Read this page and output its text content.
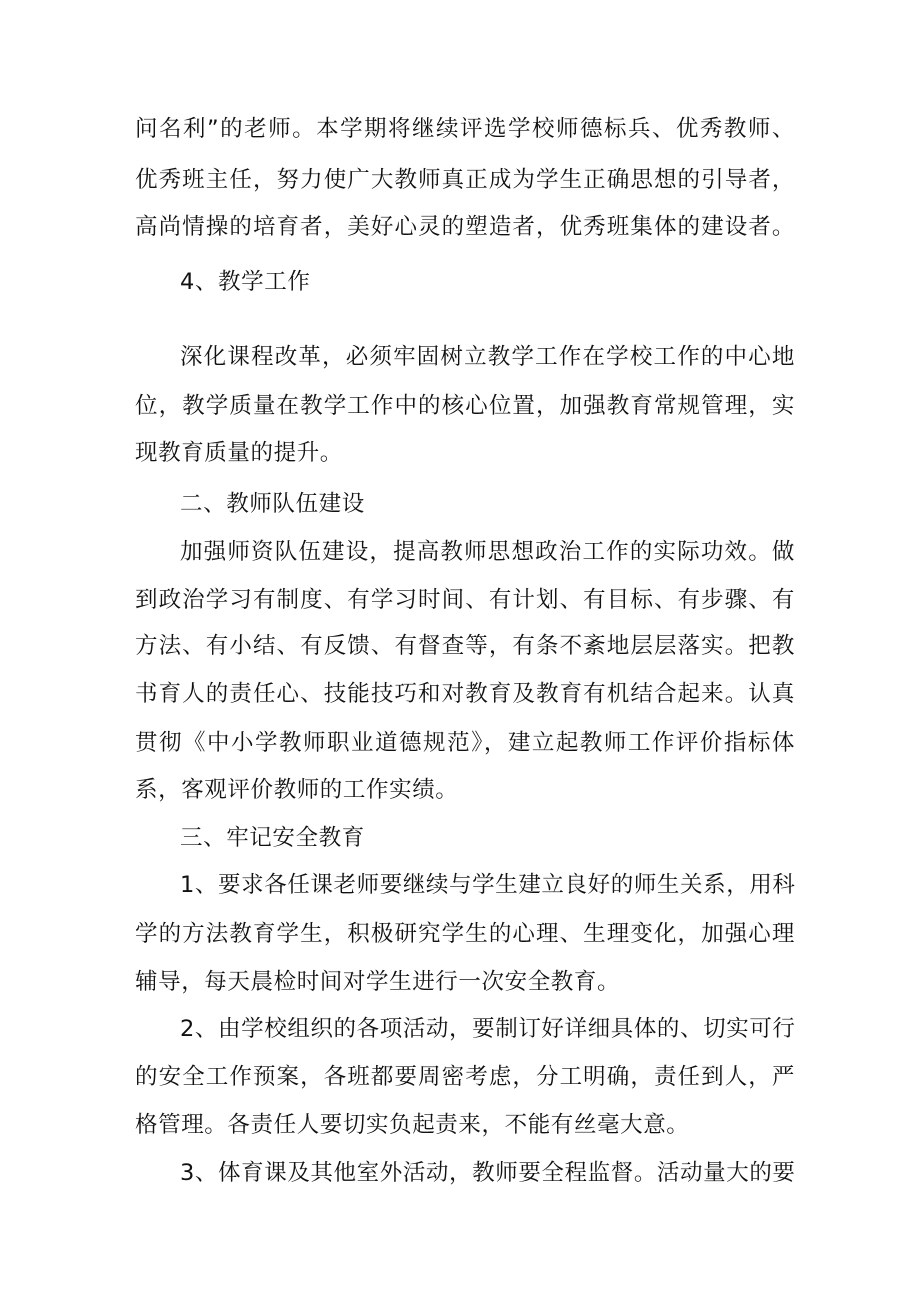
问名利”的老师。本学期将继续评选学校师德标兵、优秀教师、

优秀班主任，努力使广大教师真正成为学生正确思想的引导者，

高尚情操的培育者，美好心灵的塑造者，优秀班集体的建设者。

4、教学工作

深化课程改革，必须牢固树立教学工作在学校工作的中心地

位，教学质量在教学工作中的核心位置，加强教育常规管理，实

现教育质量的提升。

二、教师队伍建设

加强师资队伍建设，提高教师思想政治工作的实际功效。做

到政治学习有制度、有学习时间、有计划、有目标、有步骤、有

方法、有小结、有反馈、有督查等，有条不紊地层层落实。把教

书育人的责任心、技能技巧和对教育及教育有机结合起来。认真

贯彻《中小学教师职业道德规范》，建立起教师工作评价指标体

系，客观评价教师的工作实绩。

三、牢记安全教育

1、要求各任课老师要继续与学生建立良好的师生关系，用科

学的方法教育学生，积极研究学生的心理、生理变化，加强心理

辅导，每天晨检时间对学生进行一次安全教育。

2、由学校组织的各项活动，要制订好详细具体的、切实可行

的安全工作预案，各班都要周密考虑，分工明确，责任到人，严

格管理。各责任人要切实负起责来，不能有丝毫大意。

3、体育课及其他室外活动，教师要全程监督。活动量大的要
